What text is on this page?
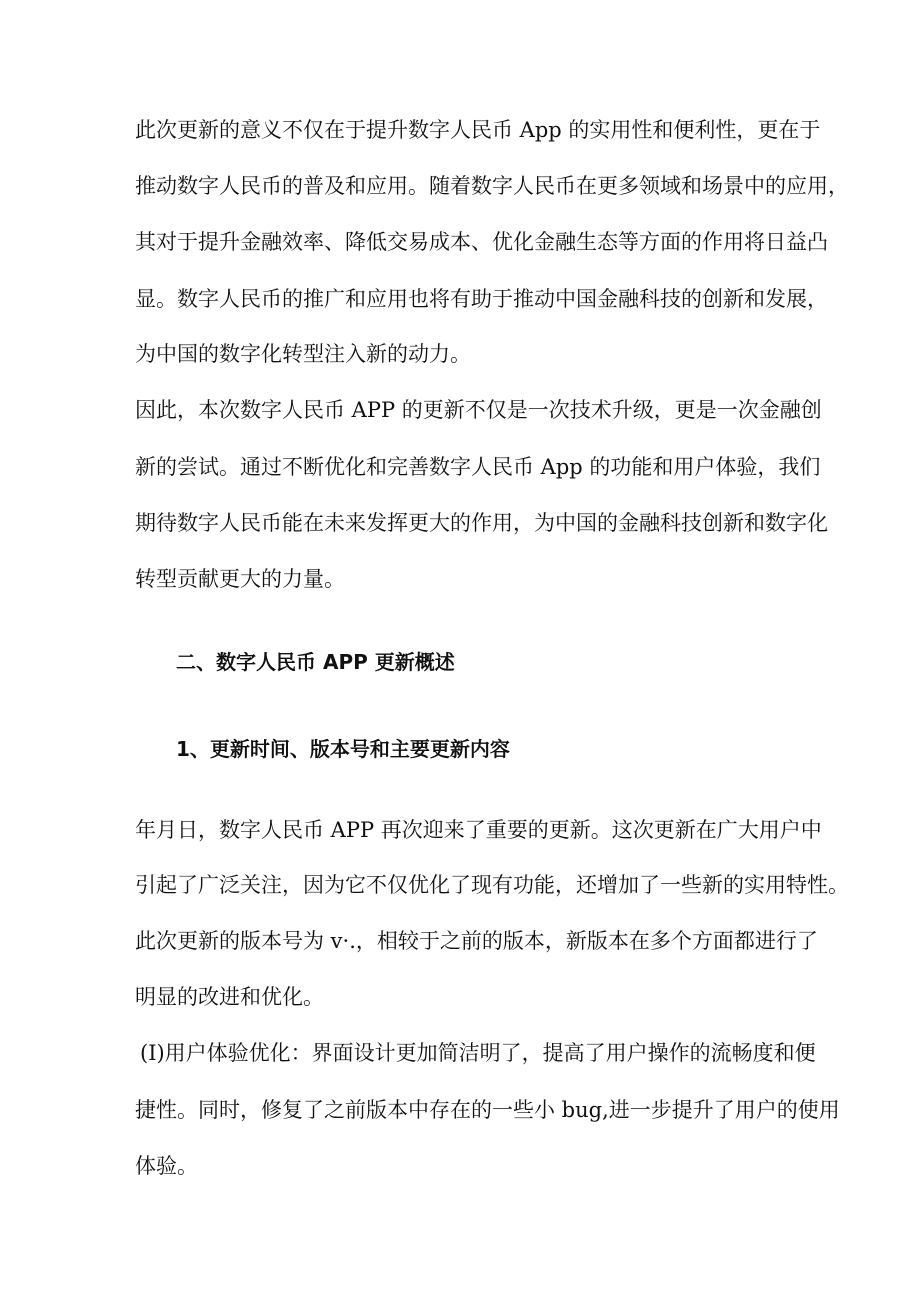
此次更新的意义不仅在于提升数字人民币 App 的实用性和便利性，更在于
推动数字人民币的普及和应用。随着数字人民币在更多领域和场景中的应用，
其对于提升金融效率、降低交易成本、优化金融生态等方面的作用将日益凸
显。数字人民币的推广和应用也将有助于推动中国金融科技的创新和发展，
为中国的数字化转型注入新的动力。
因此，本次数字人民币 APP 的更新不仅是一次技术升级，更是一次金融创
新的尝试。通过不断优化和完善数字人民币 App 的功能和用户体验，我们
期待数字人民币能在未来发挥更大的作用，为中国的金融科技创新和数字化
转型贡献更大的力量。
二、数字人民币 APP 更新概述
1、更新时间、版本号和主要更新内容
年月日，数字人民币 APP 再次迎来了重要的更新。这次更新在广大用户中
引起了广泛关注，因为它不仅优化了现有功能，还增加了一些新的实用特性。
此次更新的版本号为 v·.，相较于之前的版本，新版本在多个方面都进行了
明显的改进和优化。
(I)用户体验优化：界面设计更加简洁明了，提高了用户操作的流畅度和便
捷性。同时，修复了之前版本中存在的一些小 bug,进一步提升了用户的使用
体验。
